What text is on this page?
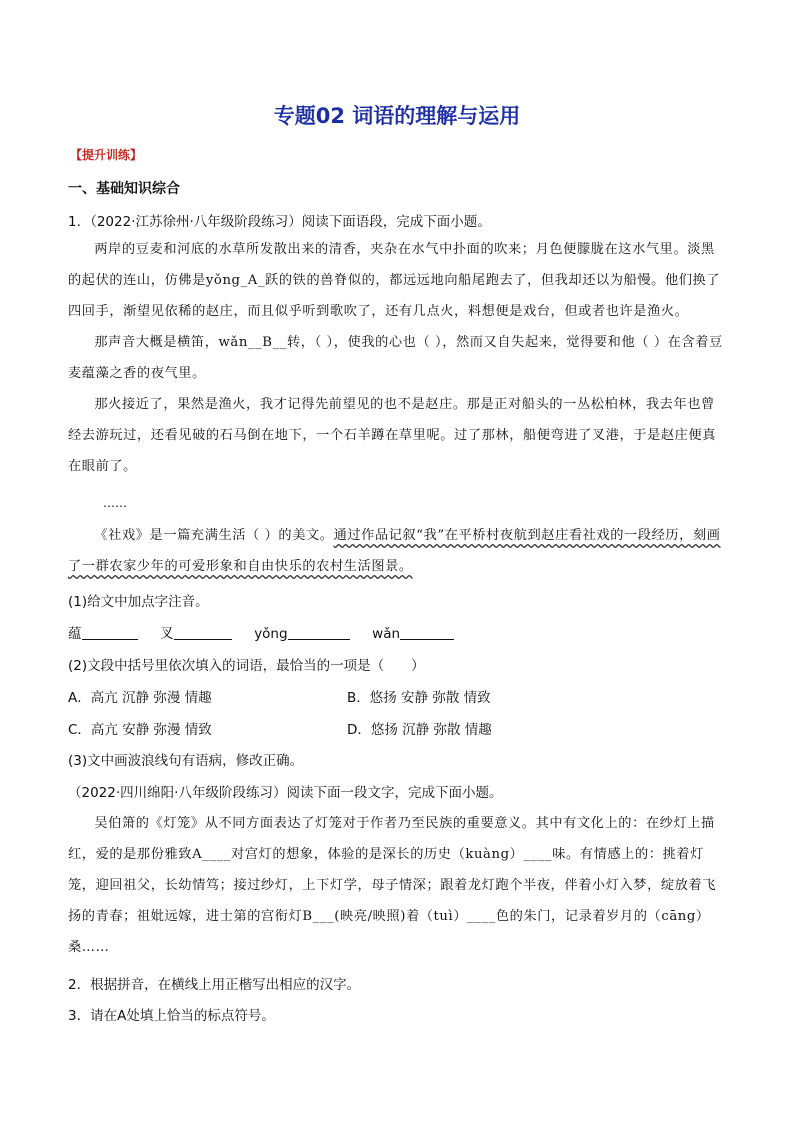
专题02 词语的理解与运用
【提升训练】
一、基础知识综合
1．（2022·江苏徐州·八年级阶段练习）阅读下面语段，完成下面小题。

两岸的豆麦和河底的水草所发散出来的清香，夹杂在水气中扑面的吹来；月色便朦胧在这水气里。淡黑的起伏的连山，仿佛是yǒng_A_跃的铁的兽脊似的，都远远地向船尾跑去了，但我却还以为船慢。他们换了四回手，渐望见依稀的赵庄，而且似乎听到歌吹了，还有几点火，料想便是戏台，但或者也许是渔火。

那声音大概是横笛，wǎn__B__转，（ ），使我的心也（ ），然而又自失起来，觉得要和他（ ）在含着豆麦蕴藻之香的夜气里。

那火接近了，果然是渔火，我才记得先前望见的也不是赵庄。那是正对船头的一丛松柏林，我去年也曾经去游玩过，还看见破的石马倒在地下，一个石羊蹲在草里呢。过了那林，船便弯进了叉港，于是赵庄便真在眼前了。

……

《社戏》是一篇充满生活（ ）的美文。通过作品记叙“我”在平桥村夜航到赵庄看社戏的一段经历，刻画了一群农家少年的可爱形象和自由快乐的农村生活图景。

(1)给文中加点字注音。
蕴	叉	yǒng	wǎn
(2)文段中括号里依次填入的词语，最恰当的一项是（　　）
A．高亢 沉静 弥漫 情趣	B．悠扬 安静 弥散 情致
C．高亢 安静 弥漫 情致	D．悠扬 沉静 弥散 情趣
(3)文中画波浪线句有语病，修改正确。
（2022·四川绵阳·八年级阶段练习）阅读下面一段文字，完成下面小题。

吴伯箫的《灯笼》从不同方面表达了灯笼对于作者乃至民族的重要意义。其中有文化上的：在纱灯上描红，爱的是那份雅致A____对宫灯的想象，体验的是深长的历史（kuàng）____味。有情感上的：挑着灯笼，迎回祖父，长幼情笃；接过纱灯，上下灯学，母子情深；跟着龙灯跑个半夜，伴着小灯入梦，绽放着飞扬的青春；祖妣远嫁，进士第的宫衔灯B___(映亮/映照)着（tuì）____色的朱门，记录着岁月的（cāng）桑……

2．根据拼音，在横线上用正楷写出相应的汉字。
3．请在A处填上恰当的标点符号。
